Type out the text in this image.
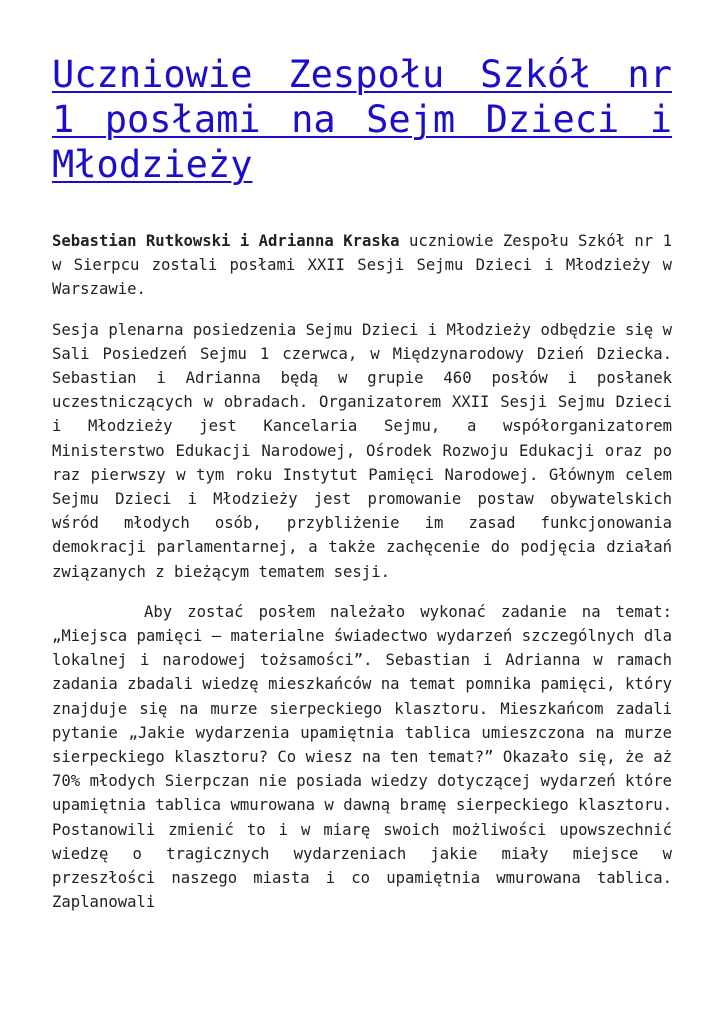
Uczniowie Zespołu Szkół nr 1 posłami na Sejm Dzieci i Młodzieży

Sebastian Rutkowski i Adrianna Kraska uczniowie Zespołu Szkół nr 1 w Sierpcu zostali posłami XXII Sesji Sejmu Dzieci i Młodzieży w Warszawie.

Sesja plenarna posiedzenia Sejmu Dzieci i Młodzieży odbędzie się w Sali Posiedzeń Sejmu 1 czerwca, w Międzynarodowy Dzień Dziecka. Sebastian i Adrianna będą w grupie 460 posłów i posłanek uczestniczących w obradach. Organizatorem XXII Sesji Sejmu Dzieci i Młodzieży jest Kancelaria Sejmu, a współorganizatorem Ministerstwo Edukacji Narodowej, Ośrodek Rozwoju Edukacji oraz po raz pierwszy w tym roku Instytut Pamięci Narodowej. Głównym celem Sejmu Dzieci i Młodzieży jest promowanie postaw obywatelskich wśród młodych osób, przybliżenie im zasad funkcjonowania demokracji parlamentarnej, a także zachęcenie do podjęcia działań związanych z bieżącym tematem sesji.

Aby zostać posłem należało wykonać zadanie na temat: „Miejsca pamięci – materialne świadectwo wydarzeń szczególnych dla lokalnej i narodowej tożsamości”. Sebastian i Adrianna w ramach zadania zbadali wiedzę mieszkańców na temat pomnika pamięci, który znajduje się na murze sierpeckiego klasztoru. Mieszkańcom zadali pytanie „Jakie wydarzenia upamiętnia tablica umieszczona na murze sierpeckiego klasztoru? Co wiesz na ten temat?” Okazało się, że aż 70% młodych Sierpczan nie posiada wiedzy dotyczącej wydarzeń które upamiętnia tablica wmurowana w dawną bramę sierpeckiego klasztoru. Postanowili zmienić to i w miarę swoich możliwości upowszechnić wiedzę o tragicznych wydarzeniach jakie miały miejsce w przeszłości naszego miasta i co upamiętnia wmurowana tablica. Zaplanowali
